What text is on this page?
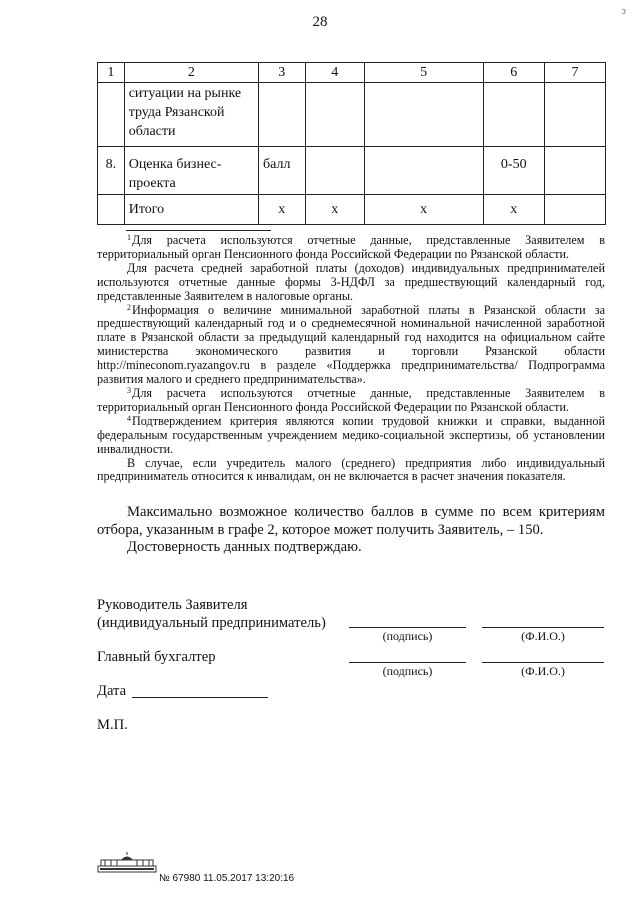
28
ɔ
1	2	3	4	5	6	7
	ситуации на рынке труда Рязанской области					
8.	Оценка бизнес-проекта	балл			0-50	
	Итого	х	х	х	х	

$^1$Для расчета используются отчетные данные, представленные Заявителем в территориальный орган Пенсионного фонда Российской Федерации по Рязанской области.

Для расчета средней заработной платы (доходов) индивидуальных предпринимателей используются отчетные данные формы 3-НДФЛ за предшествующий календарный год, представленные Заявителем в налоговые органы.

$^2$Информация о величине минимальной заработной платы в Рязанской области за предшествующий календарный год и о среднемесячной номинальной начисленной заработной плате в Рязанской области за предыдущий календарный год находится на официальном сайте министерства экономического развития и торговли Рязанской области http://mineconom.ryazangov.ru в разделе «Поддержка предпринимательства/ Подпрограмма развития малого и среднего предпринимательства».

$^3$Для расчета используются отчетные данные, представленные Заявителем в территориальный орган Пенсионного фонда Российской Федерации по Рязанской области.

$^4$Подтверждением критерия являются копии трудовой книжки и справки, выданной федеральным государственным учреждением медико-социальной экспертизы, об установлении инвалидности.

В случае, если учредитель малого (среднего) предприятия либо индивидуальный предприниматель относится к инвалидам, он не включается в расчет значения показателя.

Максимально возможное количество баллов в сумме по всем критериям отбора, указанным в графе 2, которое может получить Заявитель, – 150.

Достоверность данных подтверждаю.

Руководитель Заявителя
(индивидуальный предприниматель)
(подпись)	(Ф.И.О.)
Главный бухгалтер
(подпись)	(Ф.И.О.)
Дата
М.П.
№ 67980 11.05.2017 13:20:16
